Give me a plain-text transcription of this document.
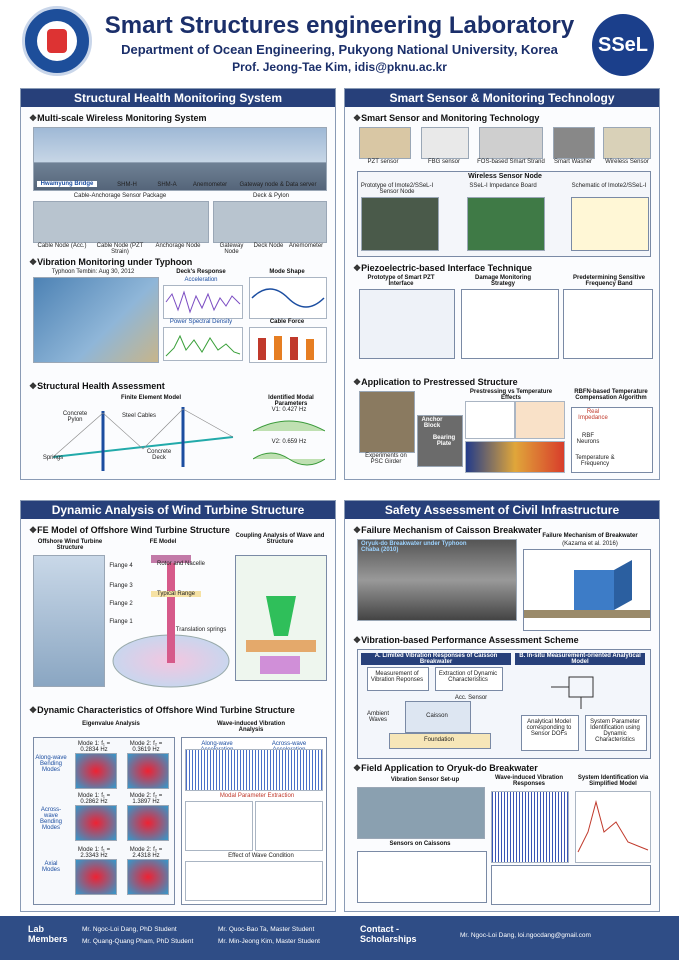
Smart Structures engineering Laboratory
Department of Ocean Engineering, Pukyong National University, Korea
Prof. Jeong-Tae Kim, idis@pknu.ac.kr
SSeL
Structural Health Monitoring System
❖ Multi-scale Wireless Monitoring System
Hwamyung Bridge	SHM-H	SHM-A	Anemometer	Gateway node & Data server
Cable-Anchorage Sensor Package	Deck & Pylon
Cable Node (Acc.)	Cable Node (PZT Strain)
Anchorage Node	Gateway Node
Deck Node Anemometer
❖ Vibration Monitoring under Typhoon
Typhoon Tembin: Aug 30, 2012	Deck's Response
Acceleration
Power Spectral Density
Mode Shape
Cable Force
❖ Structural Health Assessment
Finite Element Model	Identified Modal Parameters
Concrete Pylon
Steel Cables
Concrete Deck
Springs
V1: 0.427 Hz
V2: 0.659 Hz
Smart Sensor & Monitoring Technology
❖ Smart Sensor and Monitoring Technology
PZT sensor	FBG sensor	FOS-based Smart Strand	Smart Washer	Wireless Sensor
Wireless Sensor Node
Prototype of Imote2/SSeL-I Sensor Node
SSeL-I Impedance Board	Schematic of Imote2/SSeL-I
❖ Piezoelectric-based Interface Technique
Prototype of Smart PZT Interface
Damage Monitoring Strategy
Predetermining Sensitive Frequency Band
❖ Application to Prestressed Structure
Prestressing vs Temperature Effects
RBFN-based Temperature Compensation Algorithm
Experiments on PSC Girder
Anchor Block
Bearing Plate
Real Impedance
RBF Neurons
Temperature & Frequency
Dynamic Analysis of Wind Turbine Structure
❖ FE Model of Offshore Wind Turbine Structure
Offshore Wind Turbine Structure
FE Model
Coupling Analysis of Wave and Structure
Rotor and Nacelle
Typical Range
Translation springs
Flange 4
Flange 3
Flange 2
Flange 1
❖ Dynamic Characteristics of Offshore Wind Turbine Structure
Eigenvalue Analysis	Wave-induced Vibration Analysis
Along-wave Bending Modes
Across-wave Bending Modes
Axial Modes
Mode 1: f₁ = 0.2834 Hz
Mode 2: f₂ = 0.3619 Hz
Mode 1: f₁ = 0.2862 Hz
Mode 2: f₂ = 1.3897 Hz
Mode 1: f₁ = 2.3343 Hz
Mode 2: f₂ = 2.4318 Hz
Along-wave	Across-wave
Modal Parameter Extraction
Effect of Wave Condition
Safety Assessment of Civil Infrastructure
❖ Failure Mechanism of Caisson Breakwater
Oryuk-do Breakwater under Typhoon Chaba (2010)
Failure Mechanism of Breakwater
(Kazama et al. 2016)
❖ Vibration-based Performance Assessment Scheme
A. Limited Vibration Responses of Caisson Breakwater
B. In-situ Measurement-oriented Analytical Model
Measurement of Vibration Reponses
Extraction of Dynamic Characteristics
Ambient Waves
Caisson
Foundation
Acc. Sensor
Analytical Model corresponding to Sensor DOFs
System Parameter Identification using Dynamic Characteristics
❖ Field Application to Oryuk-do Breakwater
Vibration Sensor Set-up	Wave-induced Vibration Responses
System Identification via Simplified Model
Sensors on Caissons
Lab Members
Mr. Ngoc-Loi Dang, PhD Student
Mr. Quang-Quang Pham, PhD Student
Mr. Quoc-Bao Ta, Master Student
Mr. Min-Jeong Kim, Master Student
Contact - Scholarships	Mr. Ngoc-Loi Dang, loi.ngocdang@gmail.com
